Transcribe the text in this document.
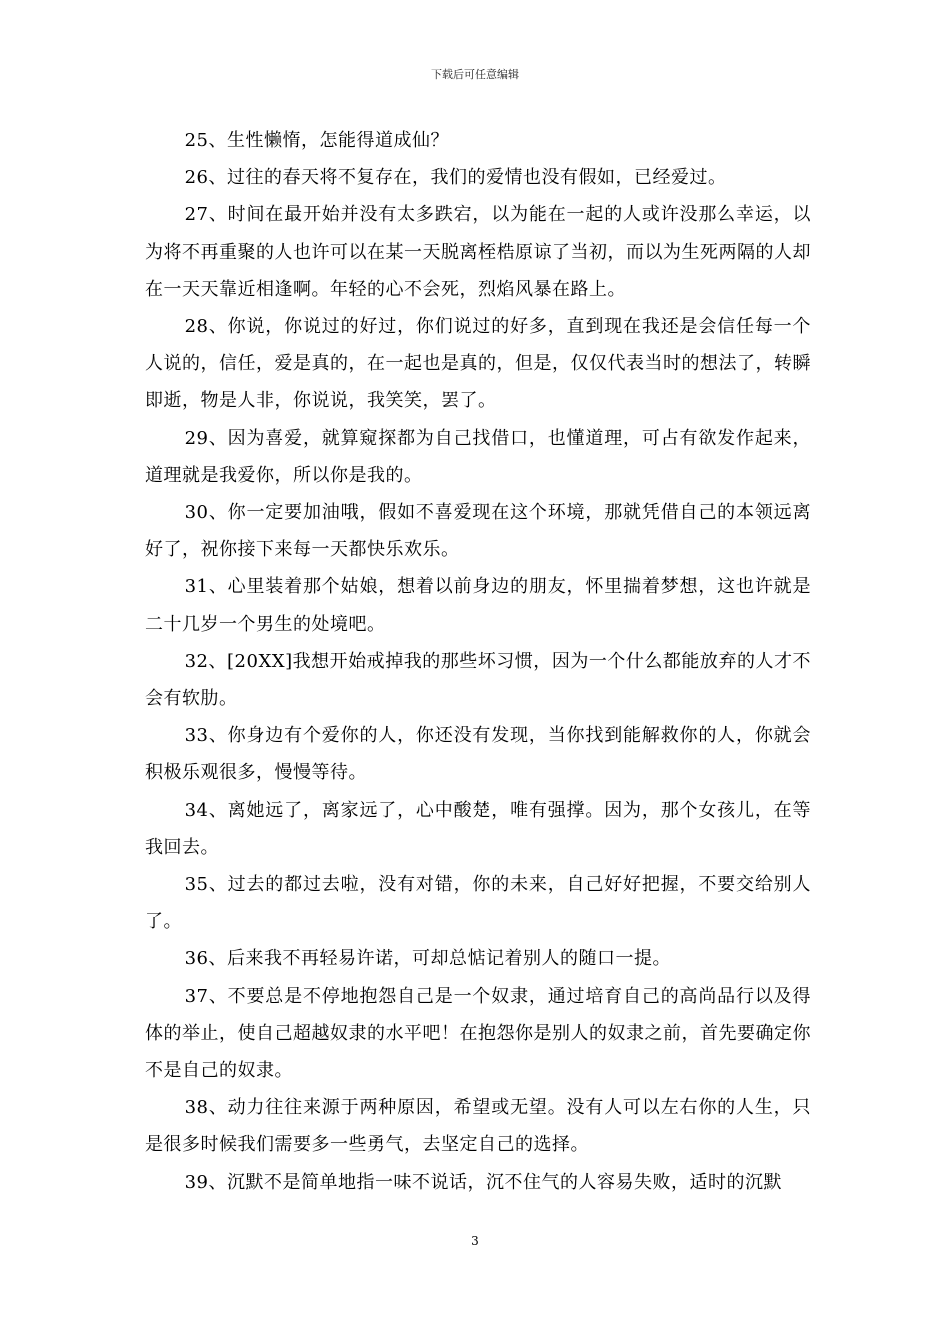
下载后可任意编辑

25、生性懒惰，怎能得道成仙？

26、过往的春天将不复存在，我们的爱情也没有假如，已经爱过。

27、时间在最开始并没有太多跌宕，以为能在一起的人或许没那么幸运，以为将不再重聚的人也许可以在某一天脱离桎梏原谅了当初，而以为生死两隔的人却在一天天靠近相逢啊。年轻的心不会死，烈焰风暴在路上。

28、你说，你说过的好过，你们说过的好多，直到现在我还是会信任每一个人说的，信任，爱是真的，在一起也是真的，但是，仅仅代表当时的想法了，转瞬即逝，物是人非，你说说，我笑笑，罢了。

29、因为喜爱，就算窥探都为自己找借口，也懂道理，可占有欲发作起来，道理就是我爱你，所以你是我的。

30、你一定要加油哦，假如不喜爱现在这个环境，那就凭借自己的本领远离好了，祝你接下来每一天都快乐欢乐。

31、心里装着那个姑娘，想着以前身边的朋友，怀里揣着梦想，这也许就是二十几岁一个男生的处境吧。

32、[20XX]我想开始戒掉我的那些坏习惯，因为一个什么都能放弃的人才不会有软肋。

33、你身边有个爱你的人，你还没有发现，当你找到能解救你的人，你就会积极乐观很多，慢慢等待。

34、离她远了，离家远了，心中酸楚，唯有强撑。因为，那个女孩儿，在等我回去。

35、过去的都过去啦，没有对错，你的未来，自己好好把握，不要交给别人了。

36、后来我不再轻易许诺，可却总惦记着别人的随口一提。

37、不要总是不停地抱怨自己是一个奴隶，通过培育自己的高尚品行以及得体的举止，使自己超越奴隶的水平吧！在抱怨你是别人的奴隶之前，首先要确定你不是自己的奴隶。

38、动力往往来源于两种原因，希望或无望。没有人可以左右你的人生，只是很多时候我们需要多一些勇气，去坚定自己的选择。

39、沉默不是简单地指一味不说话，沉不住气的人容易失败，适时的沉默

3
